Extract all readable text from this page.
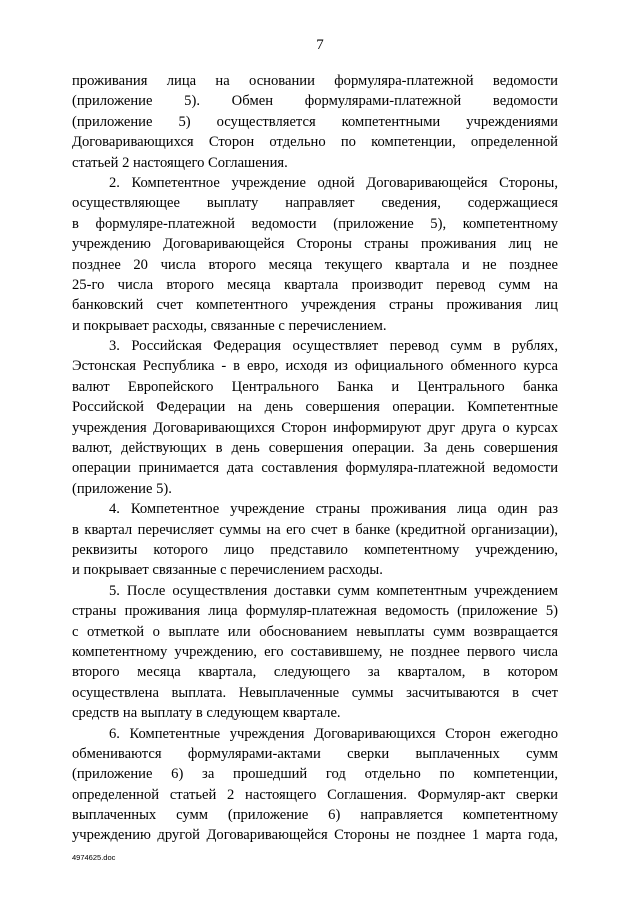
7
проживания лица на основании формуляра-платежной ведомости
(приложение 5). Обмен формулярами-платежной ведомости
(приложение 5) осуществляется компетентными учреждениями
Договаривающихся Сторон отдельно по компетенции, определенной
статьей 2 настоящего Соглашения.
2. Компетентное учреждение одной Договаривающейся Стороны,
осуществляющее выплату направляет сведения, содержащиеся
в формуляре-платежной ведомости (приложение 5), компетентному
учреждению Договаривающейся Стороны страны проживания лиц не
позднее 20 числа второго месяца текущего квартала и не позднее
25-го числа второго месяца квартала производит перевод сумм на
банковский счет компетентного учреждения страны проживания лиц
и покрывает расходы, связанные с перечислением.
3. Российская Федерация осуществляет перевод сумм в рублях,
Эстонская Республика - в евро, исходя из официального обменного курса
валют Европейского Центрального Банка и Центрального банка
Российской Федерации на день совершения операции. Компетентные
учреждения Договаривающихся Сторон информируют друг друга о курсах
валют, действующих в день совершения операции. За день совершения
операции принимается дата составления формуляра-платежной ведомости
(приложение 5).
4. Компетентное учреждение страны проживания лица один раз
в квартал перечисляет суммы на его счет в банке (кредитной организации),
реквизиты которого лицо представило компетентному учреждению,
и покрывает связанные с перечислением расходы.
5. После осуществления доставки сумм компетентным учреждением
страны проживания лица формуляр-платежная ведомость (приложение 5)
с отметкой о выплате или обоснованием невыплаты сумм возвращается
компетентному учреждению, его составившему, не позднее первого числа
второго месяца квартала, следующего за кварталом, в котором
осуществлена выплата. Невыплаченные суммы засчитываются в счет
средств на выплату в следующем квартале.
6. Компетентные учреждения Договаривающихся Сторон ежегодно
обмениваются формулярами-актами сверки выплаченных сумм
(приложение 6) за прошедший год отдельно по компетенции,
определенной статьей 2 настоящего Соглашения. Формуляр-акт сверки
выплаченных сумм (приложение 6) направляется компетентному
учреждению другой Договаривающейся Стороны не позднее 1 марта года,
4974625.doc
